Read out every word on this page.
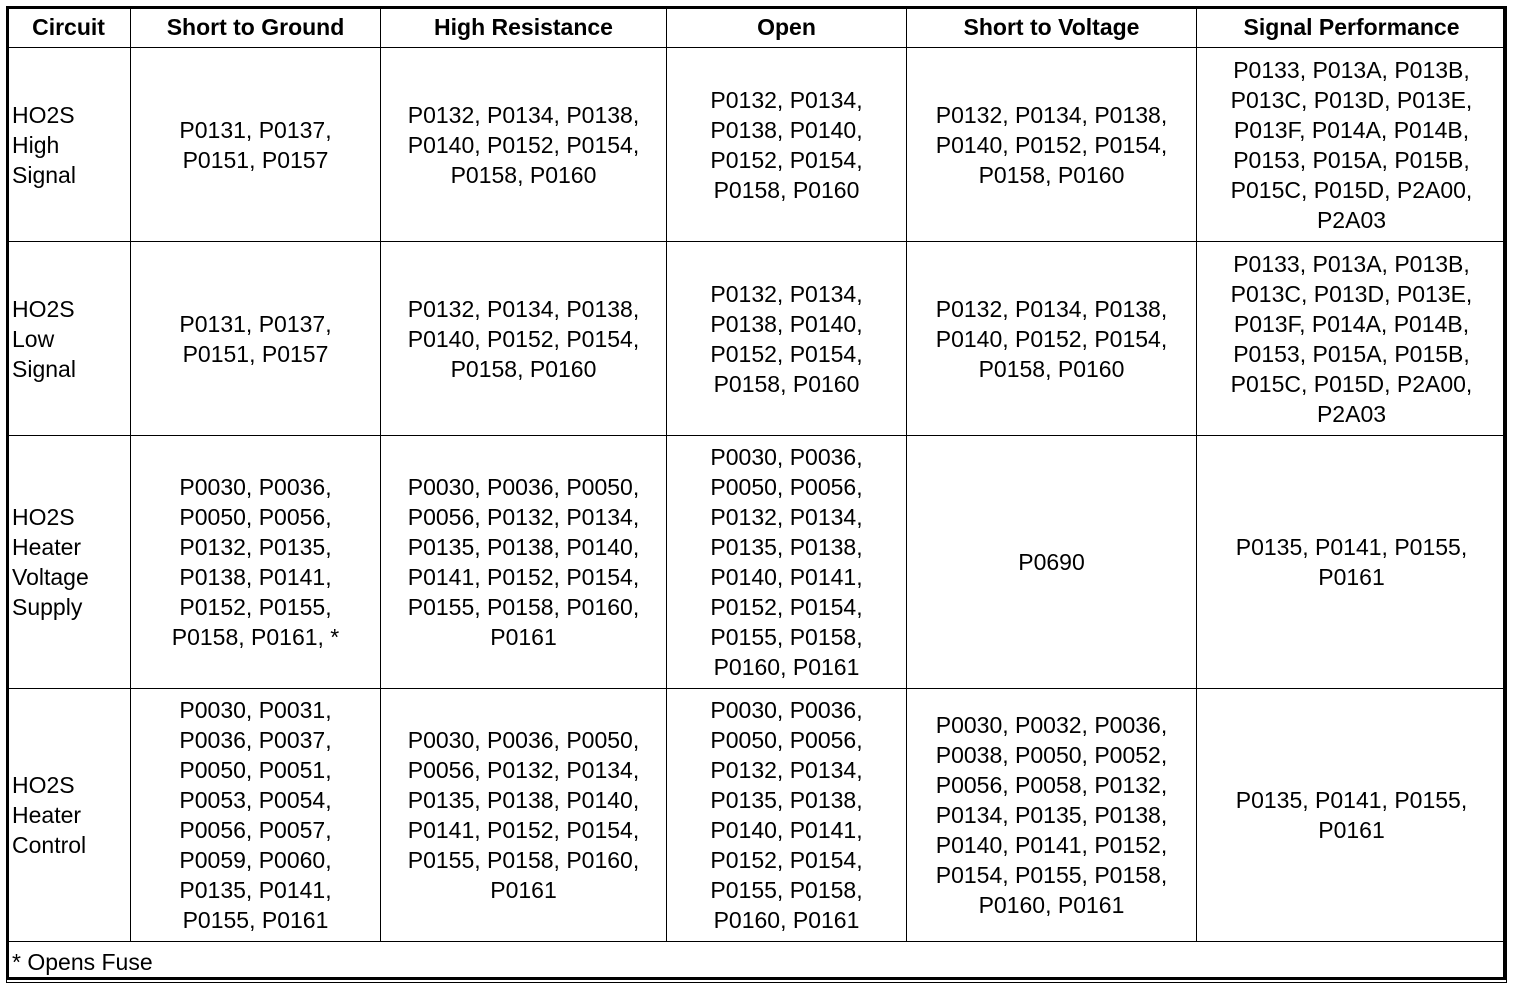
Circuit	Short to Ground	High Resistance	Open	Short to Voltage	Signal Performance

HO2S
High
Signal	P0131, P0137, P0151, P0157	P0132, P0134, P0138, P0140, P0152, P0154, P0158, P0160	P0132, P0134, P0138, P0140, P0152, P0154, P0158, P0160	P0132, P0134, P0138, P0140, P0152, P0154, P0158, P0160	P0133, P013A, P013B, P013C, P013D, P013E, P013F, P014A, P014B, P0153, P015A, P015B, P015C, P015D, P2A00, P2A03

HO2S
Low
Signal	P0131, P0137, P0151, P0157	P0132, P0134, P0138, P0140, P0152, P0154, P0158, P0160	P0132, P0134, P0138, P0140, P0152, P0154, P0158, P0160	P0132, P0134, P0138, P0140, P0152, P0154, P0158, P0160	P0133, P013A, P013B, P013C, P013D, P013E, P013F, P014A, P014B, P0153, P015A, P015B, P015C, P015D, P2A00, P2A03

HO2S
Heater
Voltage
Supply	P0030, P0036, P0050, P0056, P0132, P0135, P0138, P0141, P0152, P0155, P0158, P0161, *	P0030, P0036, P0050, P0056, P0132, P0134, P0135, P0138, P0140, P0141, P0152, P0154, P0155, P0158, P0160, P0161	P0030, P0036, P0050, P0056, P0132, P0134, P0135, P0138, P0140, P0141, P0152, P0154, P0155, P0158, P0160, P0161	P0690	P0135, P0141, P0155, P0161

HO2S
Heater
Control	P0030, P0031, P0036, P0037, P0050, P0051, P0053, P0054, P0056, P0057, P0059, P0060, P0135, P0141, P0155, P0161	P0030, P0036, P0050, P0056, P0132, P0134, P0135, P0138, P0140, P0141, P0152, P0154, P0155, P0158, P0160, P0161	P0030, P0036, P0050, P0056, P0132, P0134, P0135, P0138, P0140, P0141, P0152, P0154, P0155, P0158, P0160, P0161	P0030, P0032, P0036, P0038, P0050, P0052, P0056, P0058, P0132, P0134, P0135, P0138, P0140, P0141, P0152, P0154, P0155, P0158, P0160, P0161	P0135, P0141, P0155, P0161
* Opens Fuse					
